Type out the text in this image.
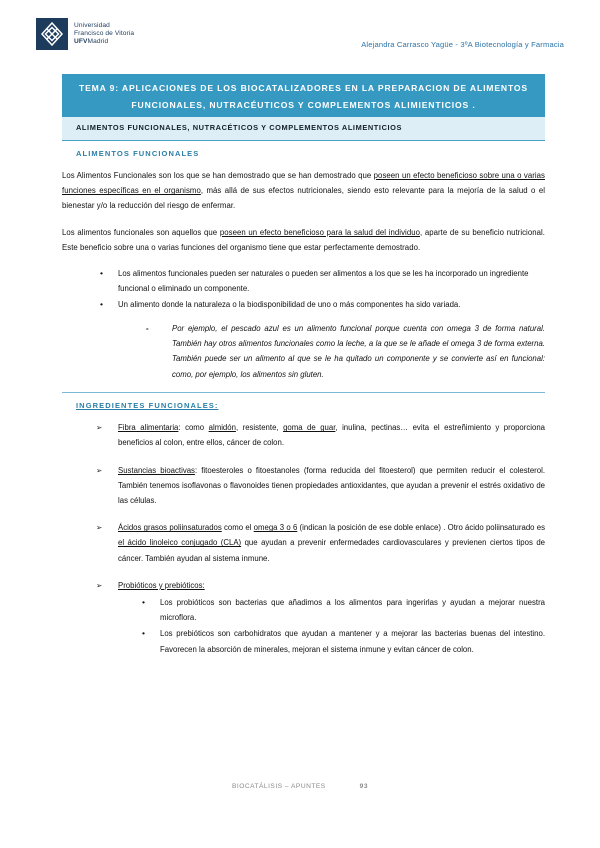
Universidad
Francisco de Vitoria
UFVMadrid	Alejandra Carrasco Yagüe - 3ºA Biotecnología y Farmacia
TEMA 9: APLICACIONES DE LOS BIOCATALIZADORES EN LA PREPARACION DE ALIMENTOS FUNCIONALES, NUTRACÉUTICOS Y COMPLEMENTOS ALIMIENTICIOS .
ALIMENTOS FUNCIONALES, NUTRACÉTICOS Y COMPLEMENTOS ALIMENTICIOS
ALIMENTOS FUNCIONALES

Los Alimentos Funcionales son los que se han demostrado que se han demostrado que poseen un efecto beneficioso sobre una o varias funciones específicas en el organismo, más allá de sus efectos nutricionales, siendo esto relevante para la mejoría de la salud o el bienestar y/o la reducción del riesgo de enfermar.

Los alimentos funcionales son aquellos que poseen un efecto beneficioso para la salud del individuo, aparte de su beneficio nutricional. Este beneficio sobre una o varias funciones del organismo tiene que estar perfectamente demostrado.

• Los alimentos funcionales pueden ser naturales o pueden ser alimentos a los que se les ha incorporado un ingrediente funcional o eliminado un componente.
• Un alimento donde la naturaleza o la biodisponibilidad de uno o más componentes ha sido variada.
- Por ejemplo, el pescado azul es un alimento funcional porque cuenta con omega 3 de forma natural. También hay otros alimentos funcionales como la leche, a la que se le añade el omega 3 de forma externa. También puede ser un alimento al que se le ha quitado un componente y se convierte así en funcional: como, por ejemplo, los alimentos sin gluten.
INGREDIENTES FUNCIONALES:
➢ Fibra alimentaria: como almidón, resistente, goma de guar, inulina, pectinas… evita el estreñimiento y proporciona beneficios al colon, entre ellos, cáncer de colon.
➢ Sustancias bioactivas: fitoesteroles o fitoestanoles (forma reducida del fitoesterol) que permiten reducir el colesterol. También tenemos isoflavonas o flavonoides tienen propiedades antioxidantes, que ayudan a prevenir el estrés oxidativo de las células.
➢ Ácidos grasos poliinsaturados como el omega 3 o 6 (indican la posición de ese doble enlace) . Otro ácido poliinsaturado es el ácido linoleico conjugado (CLA) que ayudan a prevenir enfermedades cardiovasculares y previenen ciertos tipos de cáncer. También ayudan al sistema inmune.
➢ Probióticos y prebióticos:
• Los probióticos son bacterias que añadimos a los alimentos para ingerirlas y ayudan a mejorar nuestra microflora.
• Los prebióticos son carbohidratos que ayudan a mantener y a mejorar las bacterias buenas del intestino. Favorecen la absorción de minerales, mejoran el sistema inmune y evitan cáncer de colon.
BIOCATÁLISIS – APUNTES	93
